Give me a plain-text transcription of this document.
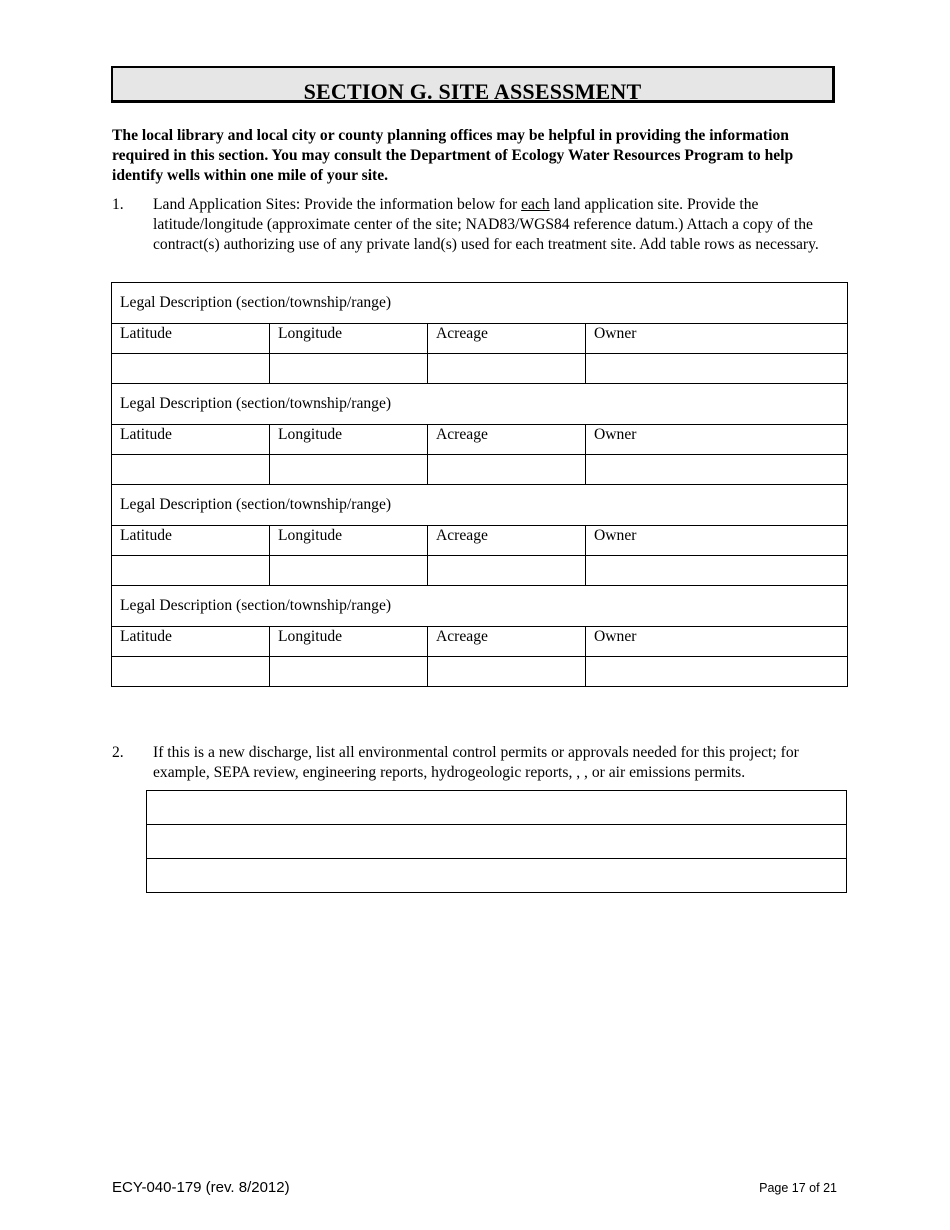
SECTION G. SITE ASSESSMENT
The local library and local city or county planning offices may be helpful in providing the information required in this section. You may consult the Department of Ecology Water Resources Program to help identify wells within one mile of your site.
1. Land Application Sites: Provide the information below for each land application site. Provide the latitude/longitude (approximate center of the site; NAD83/WGS84 reference datum.) Attach a copy of the contract(s) authorizing use of any private land(s) used for each treatment site. Add table rows as necessary.
Legal Description (section/township/range)			
Latitude	Longitude	Acreage	Owner

Legal Description (section/township/range)			
Latitude	Longitude	Acreage	Owner

Legal Description (section/township/range)			
Latitude	Longitude	Acreage	Owner

Legal Description (section/township/range)			
Latitude	Longitude	Acreage	Owner

2. If this is a new discharge, list all environmental control permits or approvals needed for this project; for example, SEPA review, engineering reports, hydrogeologic reports, , , or air emissions permits.

ECY-040-179 (rev. 8/2012)	Page 17 of 21
